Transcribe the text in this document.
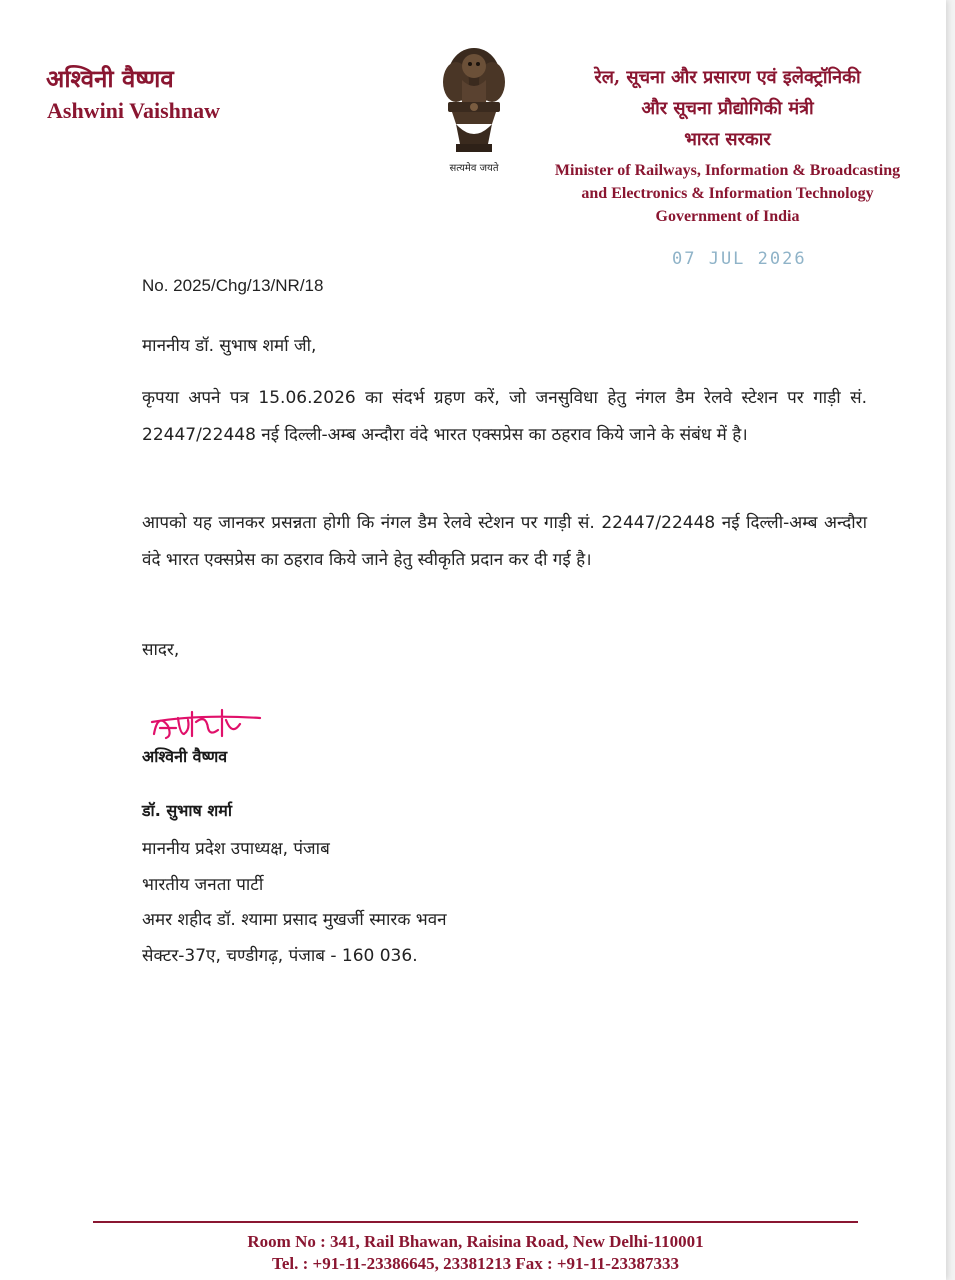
अश्विनी वैष्णव
Ashwini Vaishnaw
सत्यमेव जयते
रेल, सूचना और प्रसारण एवं इलेक्ट्रॉनिकी
और सूचना प्रौद्योगिकी मंत्री
भारत सरकार
Minister of Railways, Information & Broadcasting
and Electronics & Information Technology
Government of India
07 JUL 2026
No. 2025/Chg/13/NR/18
माननीय डॉ. सुभाष शर्मा जी,
कृपया अपने पत्र 15.06.2026 का संदर्भ ग्रहण करें, जो जनसुविधा हेतु नंगल डैम रेलवे स्टेशन पर गाड़ी सं. 22447/22448 नई दिल्ली-अम्ब अन्दौरा वंदे भारत एक्सप्रेस का ठहराव किये जाने के संबंध में है।
आपको यह जानकर प्रसन्नता होगी कि नंगल डैम रेलवे स्टेशन पर गाड़ी सं. 22447/22448 नई दिल्ली-अम्ब अन्दौरा वंदे भारत एक्सप्रेस का ठहराव किये जाने हेतु स्वीकृति प्रदान कर दी गई है।
सादर,
अश्विनी वैष्णव
डॉ. सुभाष शर्मा
माननीय प्रदेश उपाध्यक्ष, पंजाब
भारतीय जनता पार्टी
अमर शहीद डॉ. श्यामा प्रसाद मुखर्जी स्मारक भवन
सेक्टर-37ए, चण्डीगढ़, पंजाब - 160 036.
Room No : 341, Rail Bhawan, Raisina Road, New Delhi-110001
Tel. : +91-11-23386645, 23381213 Fax : +91-11-23387333
